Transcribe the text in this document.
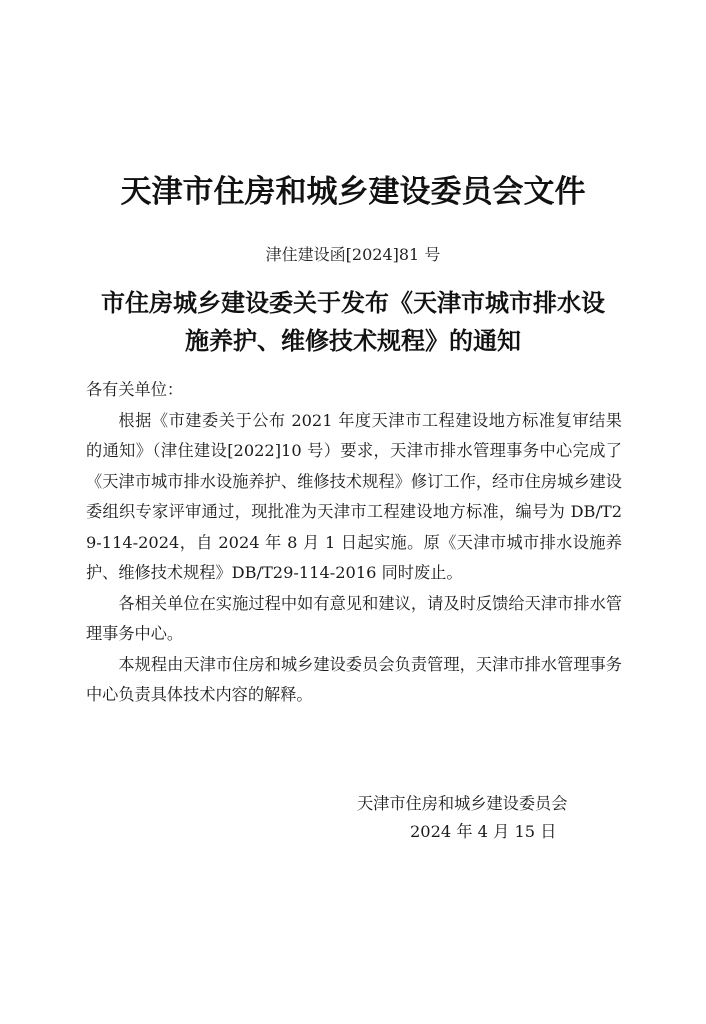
天津市住房和城乡建设委员会文件
津住建设函[2024]81 号
市住房城乡建设委关于发布《天津市城市排水设
施养护、维修技术规程》的通知

各有关单位：

根据《市建委关于公布 2021 年度天津市工程建设地方标准复审结果的通知》（津住建设[2022]10 号）要求，天津市排水管理事务中心完成了《天津市城市排水设施养护、维修技术规程》修订工作，经市住房城乡建设委组织专家评审通过，现批准为天津市工程建设地方标准，编号为 DB/T29-114-2024，自 2024 年 8 月 1 日起实施。原《天津市城市排水设施养护、维修技术规程》DB/T29-114-2016 同时废止。

各相关单位在实施过程中如有意见和建议，请及时反馈给天津市排水管理事务中心。

本规程由天津市住房和城乡建设委员会负责管理，天津市排水管理事务中心负责具体技术内容的解释。

天津市住房和城乡建设委员会
2024 年 4 月 15 日
